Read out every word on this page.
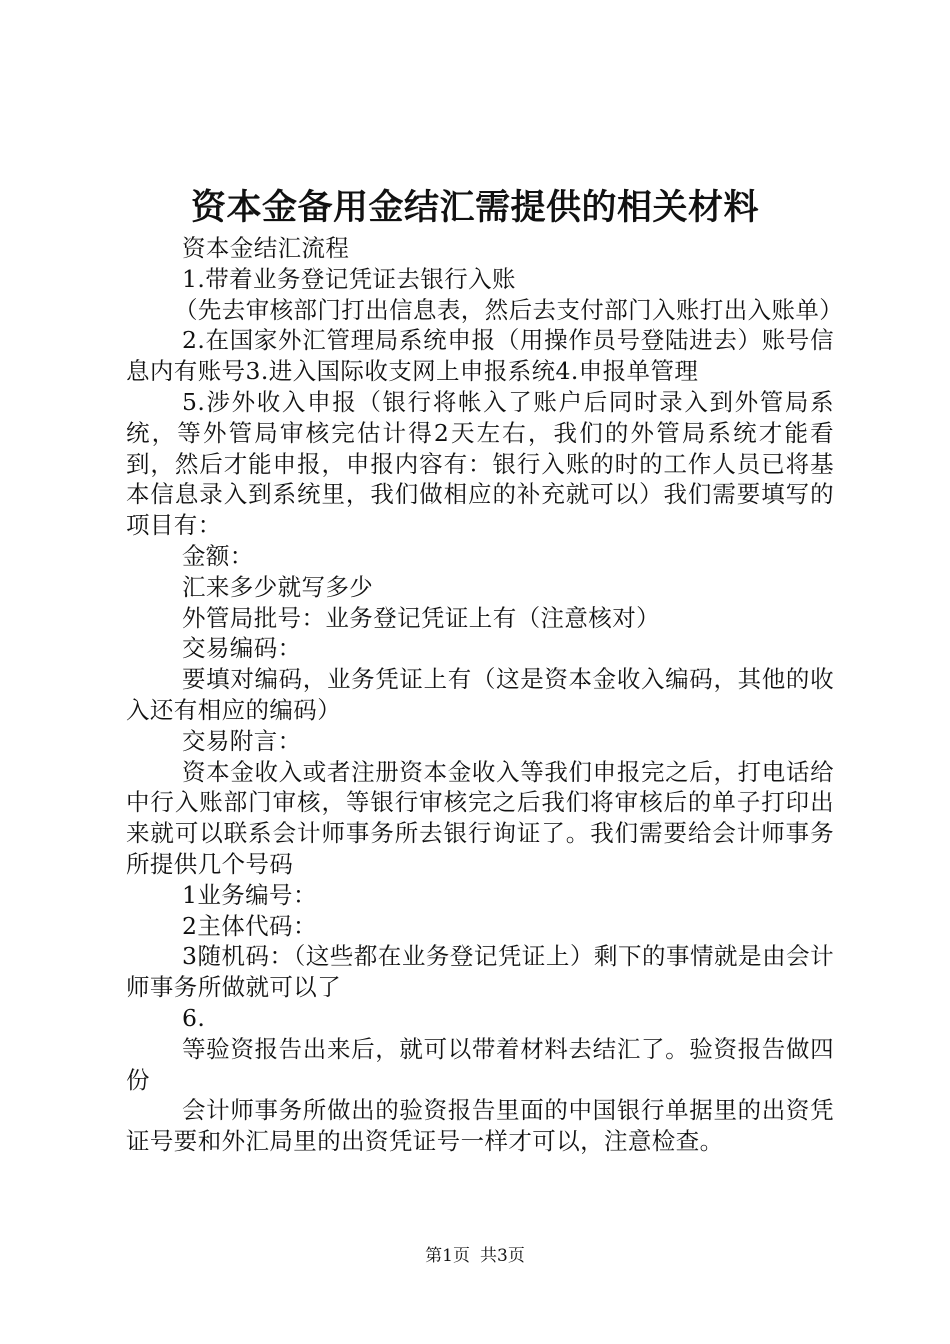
资本金备用金结汇需提供的相关材料

资本金结汇流程

1.带着业务登记凭证去银行入账

（先去审核部门打出信息表，然后去支付部门入账打出入账单）

2.在国家外汇管理局系统申报（用操作员号登陆进去）账号信息内有账号3.进入国际收支网上申报系统4.申报单管理

5.涉外收入申报（银行将帐入了账户后同时录入到外管局系统，等外管局审核完估计得2天左右，我们的外管局系统才能看到，然后才能申报，申报内容有：银行入账的时的工作人员已将基本信息录入到系统里，我们做相应的补充就可以）我们需要填写的项目有：

金额：

汇来多少就写多少

外管局批号：业务登记凭证上有（注意核对）

交易编码：

要填对编码，业务凭证上有（这是资本金收入编码，其他的收入还有相应的编码）

交易附言：

资本金收入或者注册资本金收入等我们申报完之后，打电话给中行入账部门审核，等银行审核完之后我们将审核后的单子打印出来就可以联系会计师事务所去银行询证了。我们需要给会计师事务所提供几个号码

1业务编号：

2主体代码：

3随机码：（这些都在业务登记凭证上）剩下的事情就是由会计师事务所做就可以了

6.

等验资报告出来后，就可以带着材料去结汇了。验资报告做四份

会计师事务所做出的验资报告里面的中国银行单据里的出资凭证号要和外汇局里的出资凭证号一样才可以，注意检查。

第1页 共3页
